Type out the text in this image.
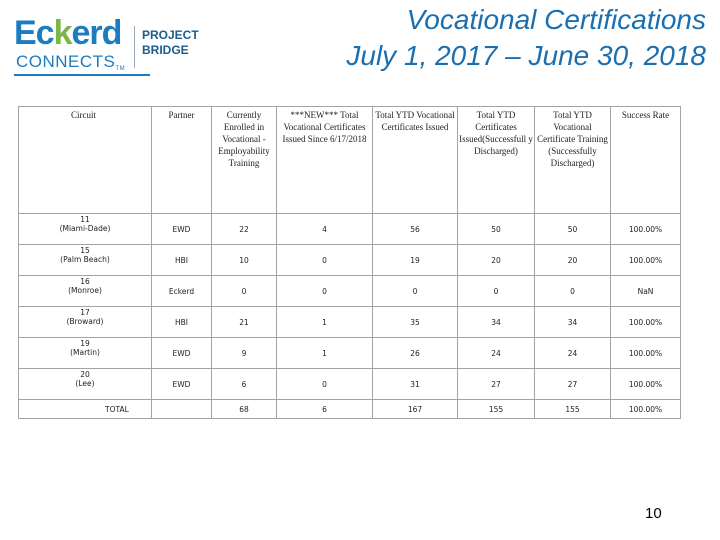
Eckerd
CONNECTSTM
PROJECT
BRIDGE
Vocational Certifications
July 1, 2017 – June 30, 2018
Circuit	Partner	Currently Enrolled in Vocational - Employability Training	***NEW*** Total Vocational Certificates Issued Since 6/17/2018	Total YTD Vocational Certificates Issued	Total YTD Certificates Issued(Successfull y Discharged)	Total YTD Vocational Certificate Training (Successfully Discharged)	Success Rate

11
(Miami-Dade)	EWD	22	4	56	50	50	100.00%

15
(Palm Beach)	HBI	10	0	19	20	20	100.00%

16
(Monroe)	Eckerd	0	0	0	0	0	NaN

17
(Broward)	HBI	21	1	35	34	34	100.00%

19
(Martin)	EWD	9	1	26	24	24	100.00%

20
(Lee)	EWD	6	0	31	27	27	100.00%
TOTAL		68	6	167	155	155	100.00%
10
